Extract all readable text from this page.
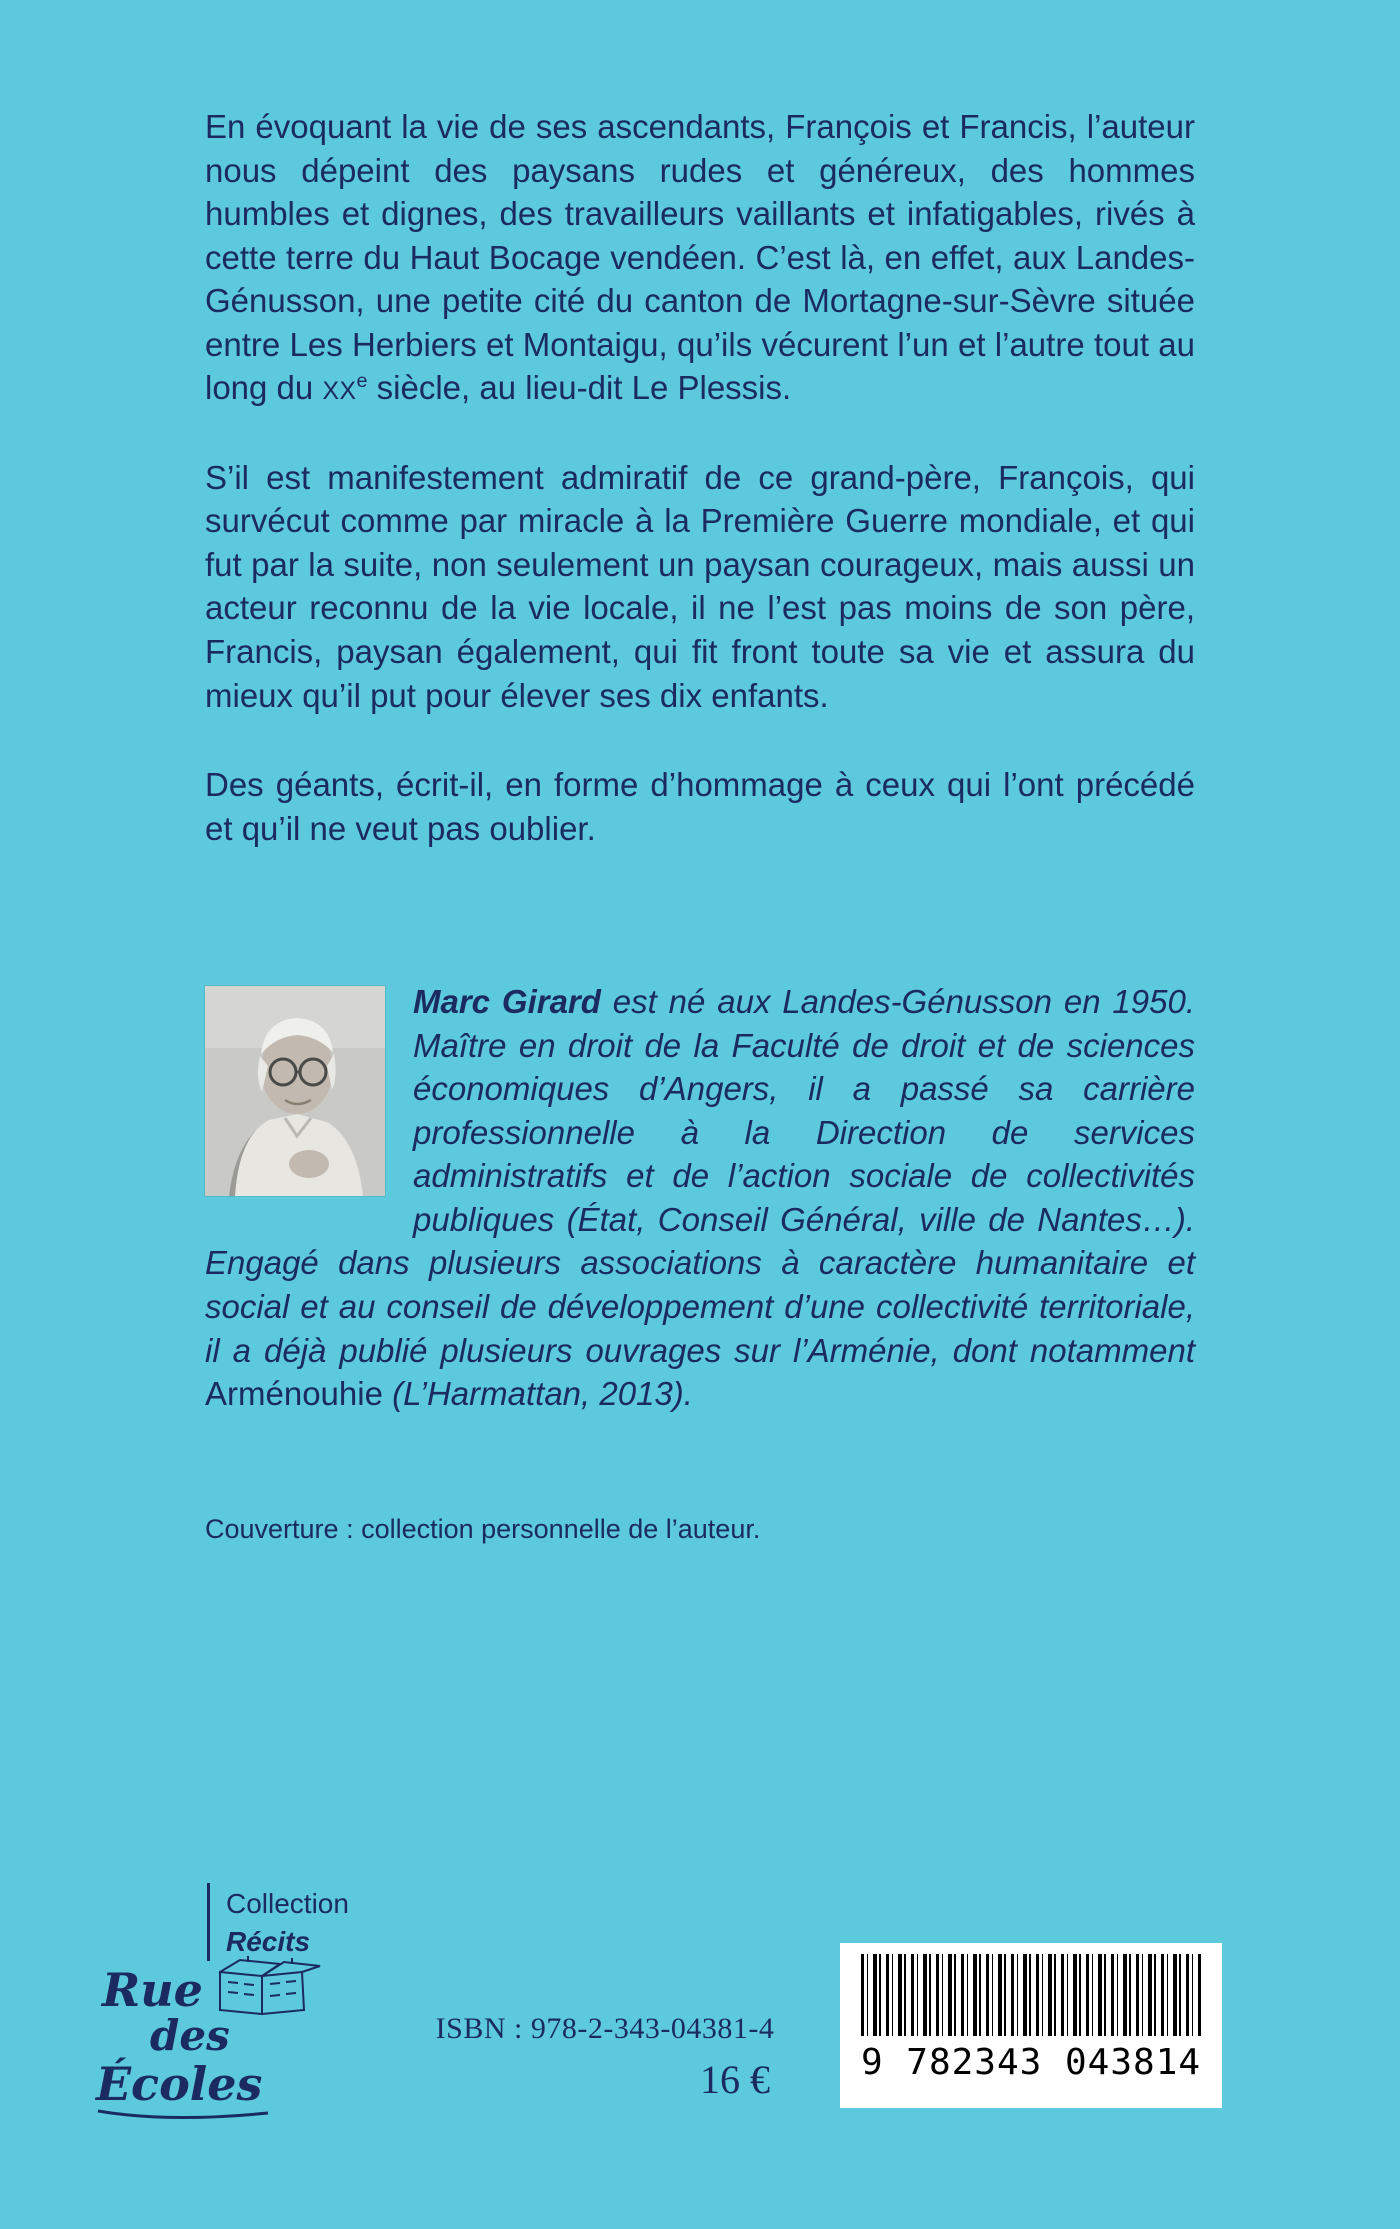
En évoquant la vie de ses ascendants, François et Francis, l’auteur nous dépeint des paysans rudes et généreux, des hommes humbles et dignes, des travailleurs vaillants et infatigables, rivés à cette terre du Haut Bocage vendéen. C’est là, en effet, aux Landes-Génusson, une petite cité du canton de Mortagne-sur-Sèvre située entre Les Herbiers et Montaigu, qu’ils vécurent l’un et l’autre tout au long du XXe siècle, au lieu-dit Le Plessis.

S’il est manifestement admiratif de ce grand-père, François, qui survécut comme par miracle à la Première Guerre mondiale, et qui fut par la suite, non seulement un paysan courageux, mais aussi un acteur reconnu de la vie locale, il ne l’est pas moins de son père, Francis, paysan également, qui fit front toute sa vie et assura du mieux qu’il put pour élever ses dix enfants.

Des géants, écrit-il, en forme d’hommage à ceux qui l’ont précédé et qu’il ne veut pas oublier.

Marc Girard est né aux Landes-Génusson en 1950. Maître en droit de la Faculté de droit et de sciences économiques d’Angers, il a passé sa carrière professionnelle à la Direction de services administratifs et de l’action sociale de collectivités publiques (État, Conseil Général, ville de Nantes…). Engagé dans plusieurs associations à caractère humanitaire et social et au conseil de développement d’une collectivité territoriale, il a déjà publié plusieurs ouvrages sur l’Arménie, dont notamment Arménouhie (L’Harmattan, 2013).

Couverture : collection personnelle de l’auteur.

Collection
Récits
Rue
des
Écoles
ISBN : 978-2-343-04381-4
16 €	9 782343 043814
